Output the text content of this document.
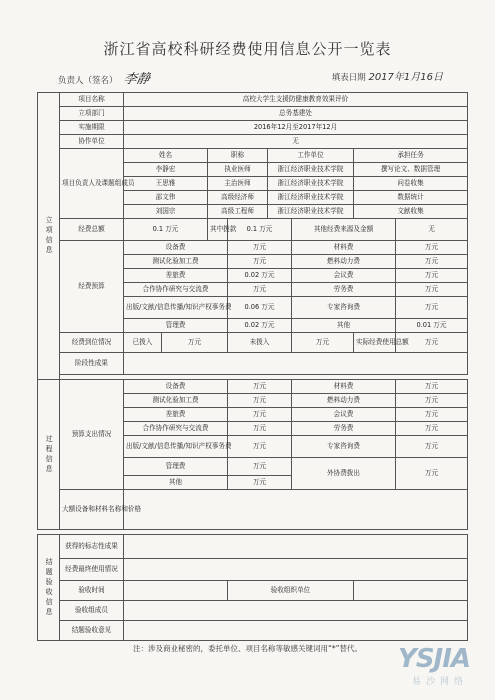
浙江省高校科研经费使用信息公开一览表
负责人（签名） 李静	填表日期 2017年1月16日
立项信息	项目名称	高校大学生支援防健康教育效果评价							
	立项部门	总务基建处							
	实施期限	2016年12月至2017年12月							
	协作单位	无							
	项目负责人及课题组成员	姓名		职称		工作单位		承担任务	
		李静宏		执业医师		浙江经济职业技术学院		撰写论文、数据管理	
		王思雅		主治医师		浙江经济职业技术学院		问卷收集	
		邵文伟		高级经济师		浙江经济职业技术学院		数据统计	
		刘国宗		高级工程师		浙江经济职业技术学院		文献收集	
	经费总额	0.1 万元		其中拨款	0.1 万元		其他经费来源及金额		无
	经费预算	设备费			万元		材料费		万元
		测试化验加工费			万元		燃料动力费		万元
		差旅费			0.02 万元		会议费		万元
		合作协作研究与交流费			万元		劳务费		万元
		出版/文献/信息传播/知识产权事务费			0.06 万元		专家咨询费		万元
		管理费			0.02 万元		其他		0.01 万元
	经费到位情况	已拨入	万元		未拨入		万元	实际经费使用总额	万元
	阶段性成果								

过程信息	预算支出情况	设备费			万元		材料费		万元
		测试化验加工费			万元		燃料动力费		万元
		差旅费			万元		会议费		万元
		合作协作研究与交流费			万元		劳务费		万元
		出版/文献/信息传播/知识产权事务费			万元		专家咨询费		万元
		管理费			万元		外协费拨出		万元
		其他			万元				
	大额设备和材料名称和价格								

结题验收信息	获得的标志性成果								
	经费最终使用情况								
	验收时间				验收组织单位				
	验收组成员								
	结题验收意见								
注：涉及商业秘密的，委托单位、项目名称等敏感关键词用“*”替代。	YSJIA
易沙网络
